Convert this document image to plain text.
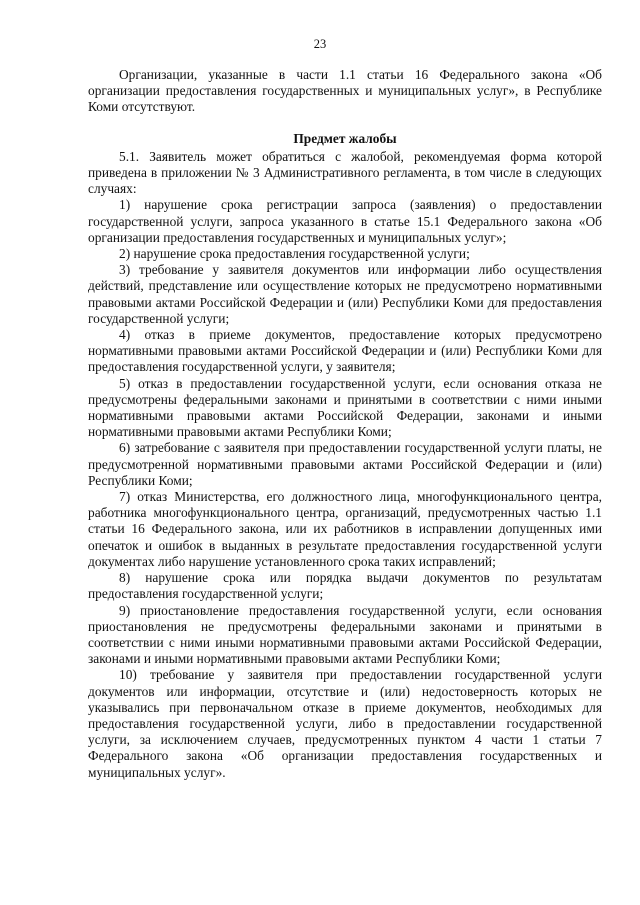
23

Организации, указанные в части 1.1 статьи 16 Федерального закона «Об организации предоставления государственных и муниципальных услуг», в Республике Коми отсутствуют.

Предмет жалобы

5.1. Заявитель может обратиться с жалобой, рекомендуемая форма которой приведена в приложении № 3 Административного регламента, в том числе в следующих случаях:

1) нарушение срока регистрации запроса (заявления) о предоставлении государственной услуги, запроса указанного в статье 15.1 Федерального закона «Об организации предоставления государственных и муниципальных услуг»;

2) нарушение срока предоставления государственной услуги;

3) требование у заявителя документов или информации либо осуществления действий, представление или осуществление которых не предусмотрено нормативными правовыми актами Российской Федерации и (или) Республики Коми для предоставления государственной услуги;

4) отказ в приеме документов, предоставление которых предусмотрено нормативными правовыми актами Российской Федерации и (или) Республики Коми для предоставления государственной услуги, у заявителя;

5) отказ в предоставлении государственной услуги, если основания отказа не предусмотрены федеральными законами и принятыми в соответствии с ними иными нормативными правовыми актами Российской Федерации, законами и иными нормативными правовыми актами Республики Коми;

6) затребование с заявителя при предоставлении государственной услуги платы, не предусмотренной нормативными правовыми актами Российской Федерации и (или) Республики Коми;

7) отказ Министерства, его должностного лица, многофункционального центра, работника многофункционального центра, организаций, предусмотренных частью 1.1 статьи 16 Федерального закона, или их работников в исправлении допущенных ими опечаток и ошибок в выданных в результате предоставления государственной услуги документах либо нарушение установленного срока таких исправлений;

8) нарушение срока или порядка выдачи документов по результатам предоставления государственной услуги;

9) приостановление предоставления государственной услуги, если основания приостановления не предусмотрены федеральными законами и принятыми в соответствии с ними иными нормативными правовыми актами Российской Федерации, законами и иными нормативными правовыми актами Республики Коми;

10) требование у заявителя при предоставлении государственной услуги документов или информации, отсутствие и (или) недостоверность которых не указывались при первоначальном отказе в приеме документов, необходимых для предоставления государственной услуги, либо в предоставлении государственной услуги, за исключением случаев, предусмотренных пунктом 4 части 1 статьи 7 Федерального закона «Об организации предоставления государственных и муниципальных услуг».
